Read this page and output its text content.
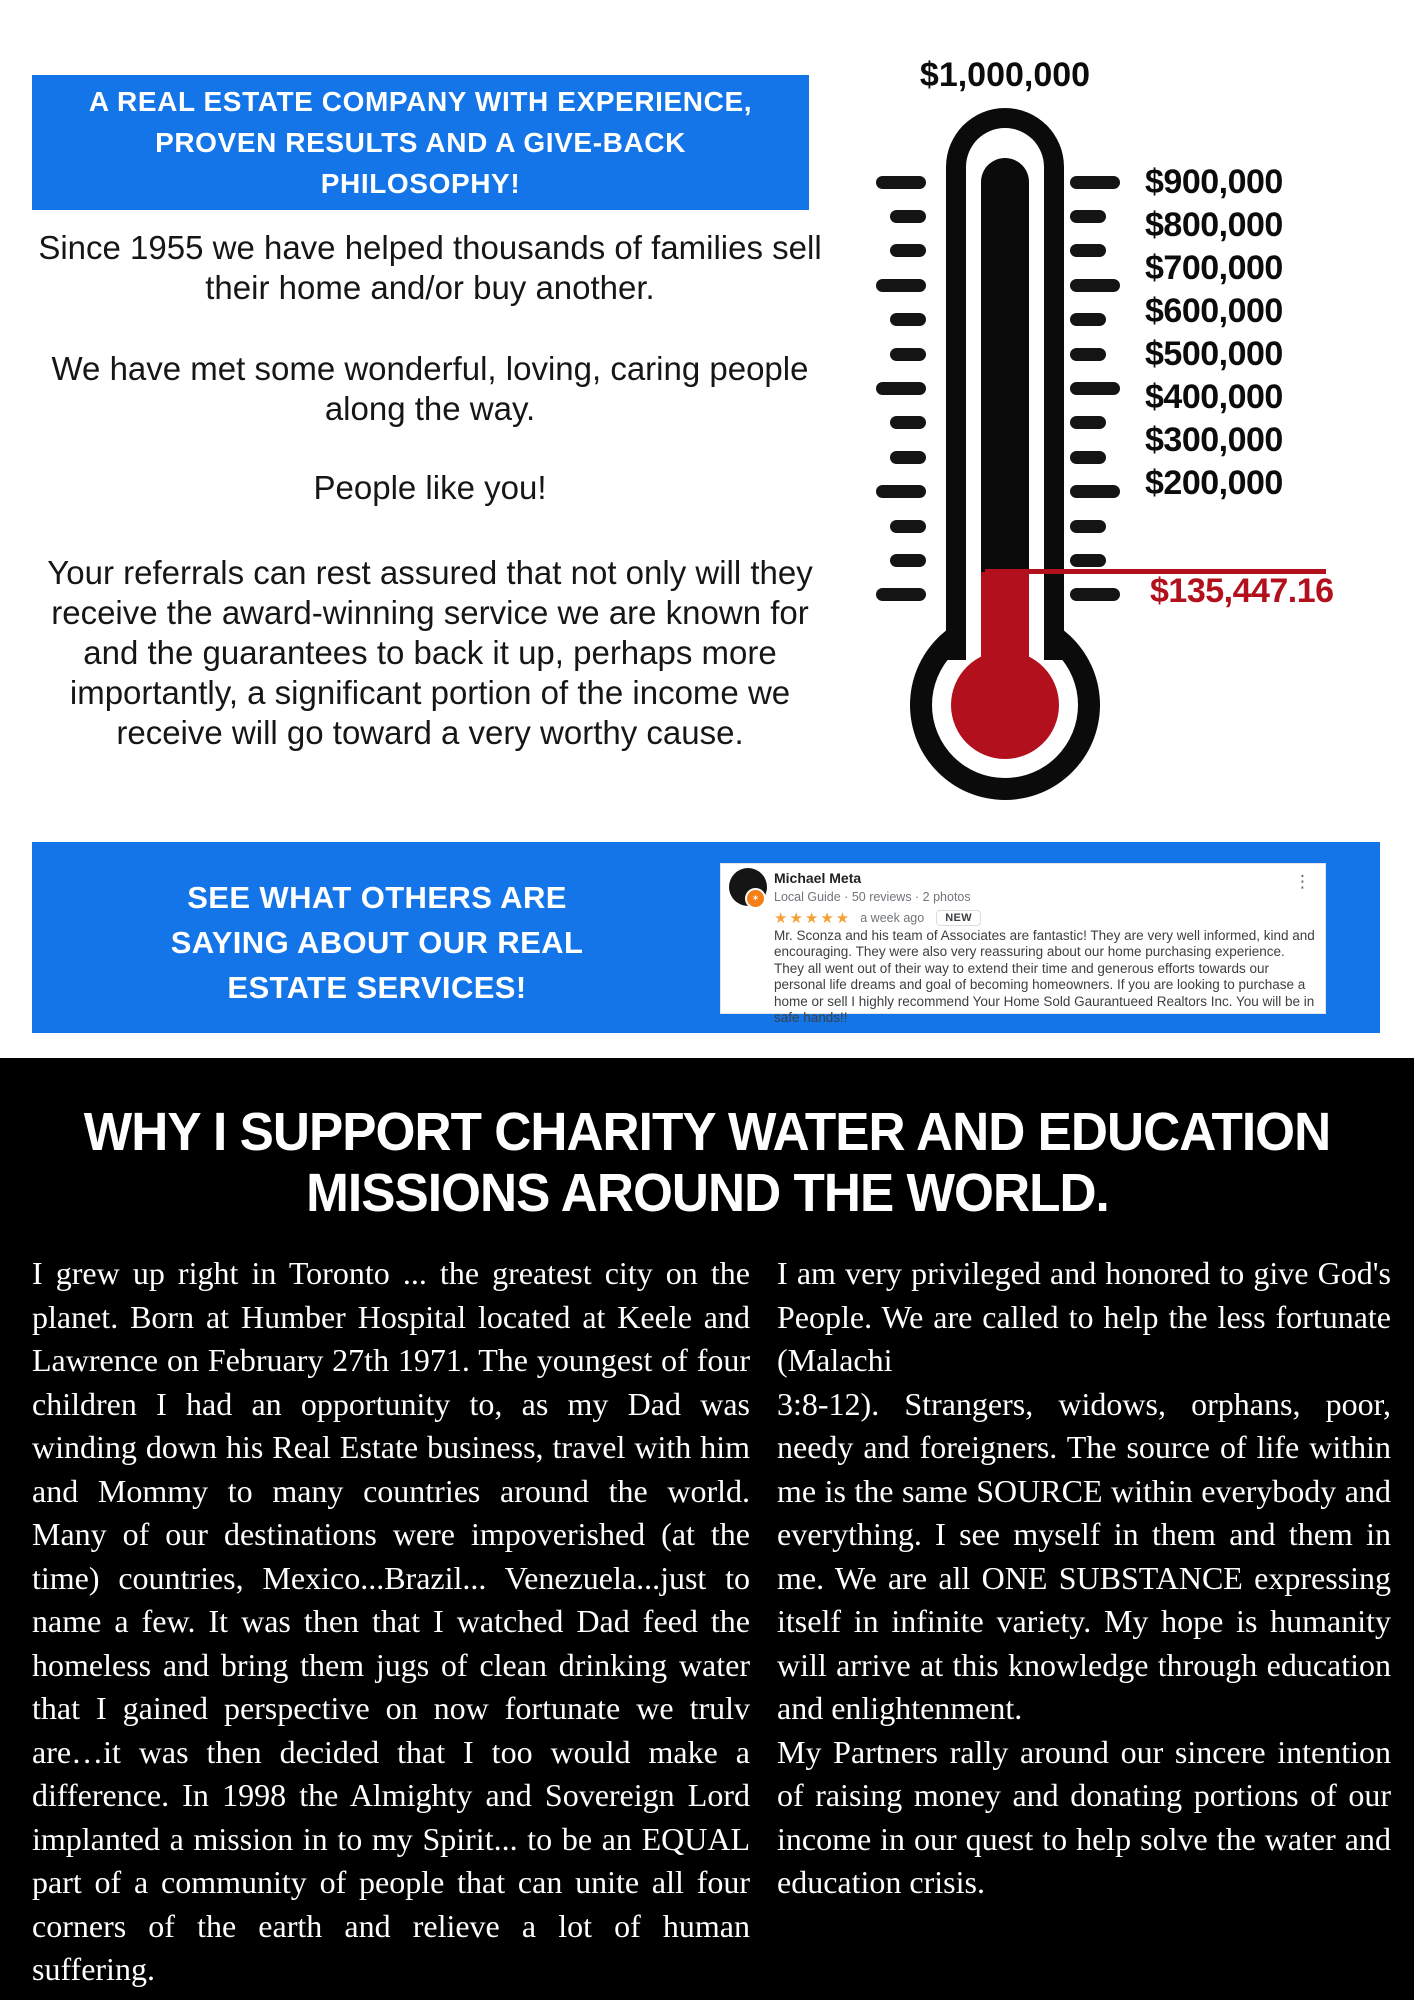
A REAL ESTATE COMPANY WITH EXPERIENCE,
PROVEN RESULTS AND A GIVE-BACK
PHILOSOPHY!
Since 1955 we have helped thousands of families sell their home and/or buy another.
We have met some wonderful, loving, caring people along the way.
People like you!
Your referrals can rest assured that not only will they receive the award-winning service we are known for and the guarantees to back it up, perhaps more importantly, a significant portion of the income we receive will go toward a very worthy cause.
$1,000,000
$900,000
$800,000
$700,000
$600,000
$500,000
$400,000
$300,000
$200,000
$135,447.16
SEE WHAT OTHERS ARE
SAYING ABOUT OUR REAL
ESTATE SERVICES!
✶
Michael Meta
Local Guide · 50 reviews · 2 photos
★★★★★ a week ago	NEW
⋮
Mr. Sconza and his team of Associates are fantastic! They are very well informed, kind and encouraging. They were also very reassuring about our home purchasing experience. They all went out of their way to extend their time and generous efforts towards our personal life dreams and goal of becoming homeowners. If you are looking to purchase a home or sell I highly recommend Your Home Sold Gaurantueed Realtors Inc. You will be in safe hands!!
WHY I SUPPORT CHARITY WATER AND EDUCATION
MISSIONS AROUND THE WORLD.

I grew up right in Toronto ... the greatest city on the planet. Born at Humber Hospital located at Keele and Lawrence on February 27th 1971. The youngest of four children I had an opportunity to, as my Dad was winding down his Real Estate business, travel with him and Mommy to many countries around the world. Many of our destinations were impoverished (at the time) countries, Mexico...Brazil... Venezuela...just to name a few. It was then that I watched Dad feed the homeless and bring them jugs of clean drinking water that I gained perspective on now fortunate we trulv are…it was then decided that I too would make a difference. In 1998 the Almighty and Sovereign Lord implanted a mission in to my Spirit... to be an EQUAL part of a community of people that can unite all four corners of the earth and relieve a lot of human suffering.

I am very privileged and honored to give God's People. We are called to help the less fortunate (Malachi

3:8-12). Strangers, widows, orphans, poor, needy and foreigners. The source of life within me is the same SOURCE within everybody and everything. I see myself in them and them in me. We are all ONE SUBSTANCE expressing itself in infinite variety. My hope is humanity will arrive at this knowledge through education and enlightenment.

My Partners rally around our sincere intention of raising money and donating portions of our income in our quest to help solve the water and education crisis.
